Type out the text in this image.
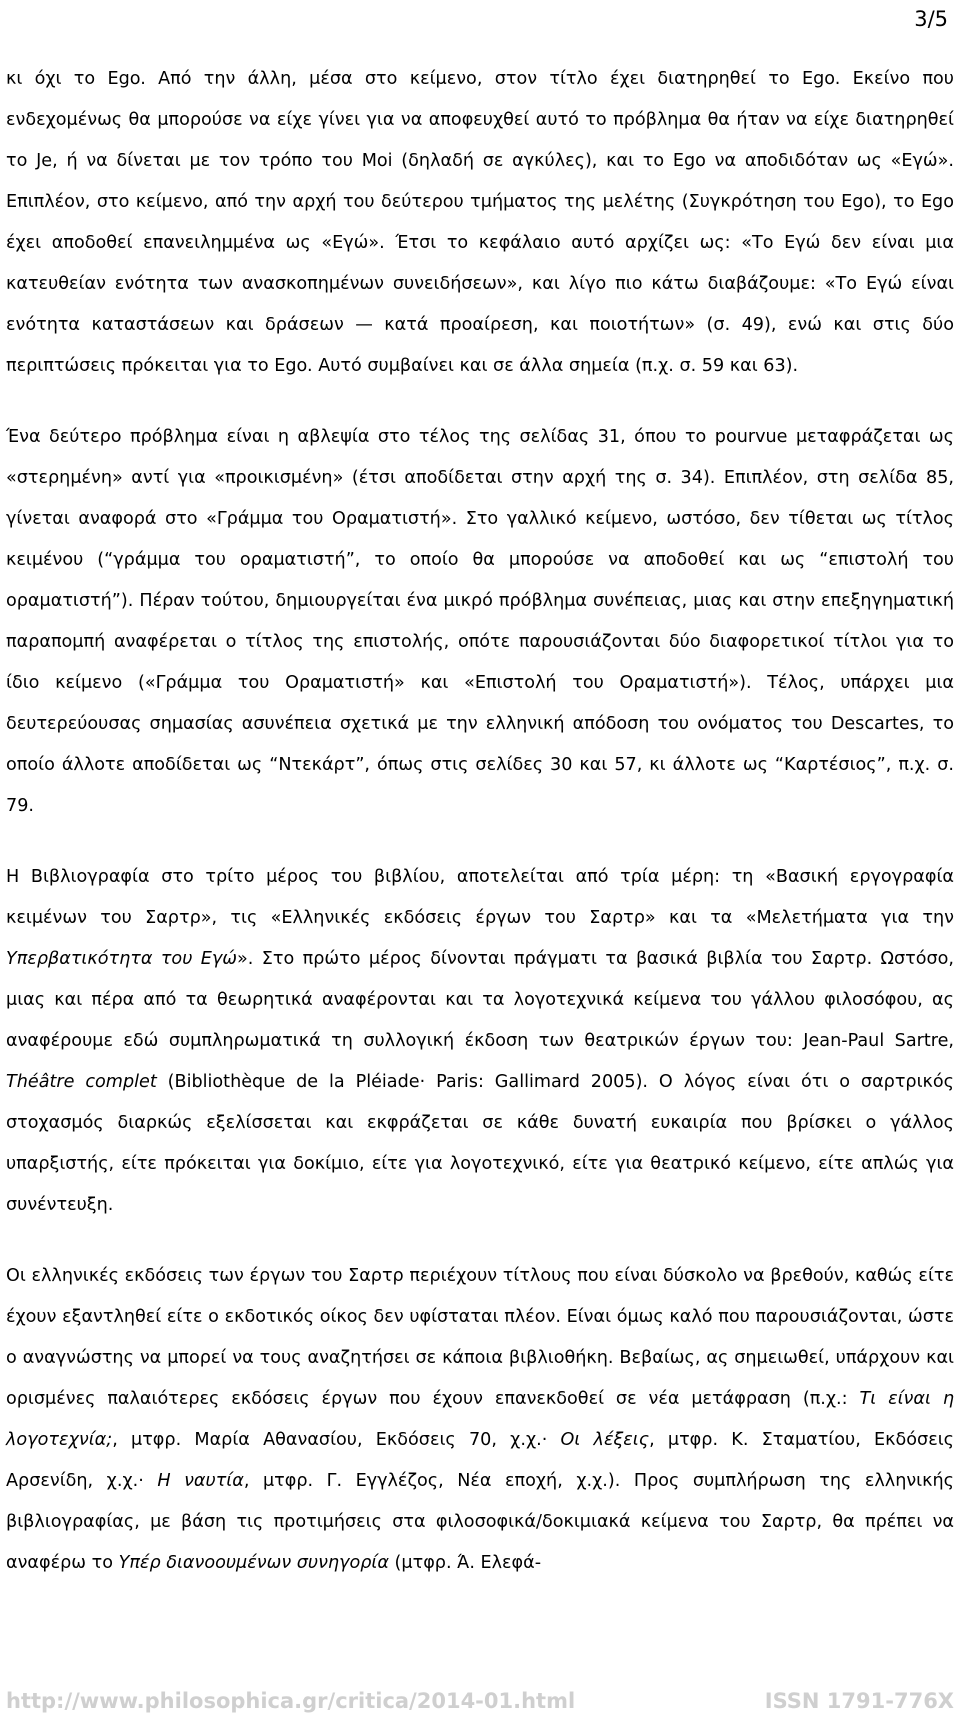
3/5

κι όχι το Ego. Από την άλλη, μέσα στο κείμενο, στον τίτλο έχει διατηρηθεί το Ego. Εκείνο που ενδεχομένως θα μπορούσε να είχε γίνει για να αποφευχθεί αυτό το πρόβλημα θα ήταν να είχε διατηρηθεί το Je, ή να δίνεται με τον τρόπο του Moi (δηλαδή σε αγκύλες), και το Ego να αποδιδόταν ως «Εγώ». Επιπλέον, στο κείμενο, από την αρχή του δεύτερου τμήματος της μελέτης (Συγκρότηση του Ego), το Ego έχει αποδοθεί επανειλημμένα ως «Εγώ». Έτσι το κεφάλαιο αυτό αρχίζει ως: «Το Εγώ δεν είναι μια κατευθείαν ενότητα των ανασκοπημένων συνειδήσεων», και λίγο πιο κάτω διαβάζουμε: «Το Εγώ είναι ενότητα καταστάσεων και δράσεων — κατά προαίρεση, και ποιοτήτων» (σ. 49), ενώ και στις δύο περιπτώσεις πρόκειται για το Ego. Αυτό συμβαίνει και σε άλλα σημεία (π.χ. σ. 59 και 63).

Ένα δεύτερο πρόβλημα είναι η αβλεψία στο τέλος της σελίδας 31, όπου το pourvue μεταφράζεται ως «στερημένη» αντί για «προικισμένη» (έτσι αποδίδεται στην αρχή της σ. 34). Επιπλέον, στη σελίδα 85, γίνεται αναφορά στο «Γράμμα του Οραματιστή». Στο γαλλικό κείμενο, ωστόσο, δεν τίθεται ως τίτλος κειμένου (“γράμμα του οραματιστή”, το οποίο θα μπορούσε να αποδοθεί και ως “επιστολή του οραματιστή”). Πέραν τούτου, δημιουργείται ένα μικρό πρόβλημα συνέπειας, μιας και στην επεξηγηματική παραπομπή αναφέρεται ο τίτλος της επιστολής, οπότε παρουσιάζονται δύο διαφορετικοί τίτλοι για το ίδιο κείμενο («Γράμμα του Οραματιστή» και «Επιστολή του Οραματιστή»). Τέλος, υπάρχει μια δευτερεύουσας σημασίας ασυνέπεια σχετικά με την ελληνική απόδοση του ονόματος του Descartes, το οποίο άλλοτε αποδίδεται ως “Ντεκάρτ”, όπως στις σελίδες 30 και 57, κι άλλοτε ως “Καρτέσιος”, π.χ. σ. 79.

Η Βιβλιογραφία στο τρίτο μέρος του βιβλίου, αποτελείται από τρία μέρη: τη «Βασική εργογραφία κειμένων του Σαρτρ», τις «Ελληνικές εκδόσεις έργων του Σαρτρ» και τα «Μελετήματα για την Υπερβατικότητα του Εγώ». Στο πρώτο μέρος δίνονται πράγματι τα βασικά βιβλία του Σαρτρ. Ωστόσο, μιας και πέρα από τα θεωρητικά αναφέρονται και τα λογοτεχνικά κείμενα του γάλλου φιλοσόφου, ας αναφέρουμε εδώ συμπληρωματικά τη συλλογική έκδοση των θεατρικών έργων του: Jean-Paul Sartre, Théâtre complet (Bibliothèque de la Pléiade· Paris: Gallimard 2005). Ο λόγος είναι ότι ο σαρτρικός στοχασμός διαρκώς εξελίσσεται και εκφράζεται σε κάθε δυνατή ευκαιρία που βρίσκει ο γάλλος υπαρξιστής, είτε πρόκειται για δοκίμιο, είτε για λογοτεχνικό, είτε για θεατρικό κείμενο, είτε απλώς για συνέντευξη.

Οι ελληνικές εκδόσεις των έργων του Σαρτρ περιέχουν τίτλους που είναι δύσκολο να βρεθούν, καθώς είτε έχουν εξαντληθεί είτε ο εκδοτικός οίκος δεν υφίσταται πλέον. Είναι όμως καλό που παρουσιάζονται, ώστε ο αναγνώστης να μπορεί να τους αναζητήσει σε κάποια βιβλιοθήκη. Βεβαίως, ας σημειωθεί, υπάρχουν και ορισμένες παλαιότερες εκδόσεις έργων που έχουν επανεκδοθεί σε νέα μετάφραση (π.χ.: Τι είναι η λογοτεχνία;, μτφρ. Μαρία Αθανασίου, Εκδόσεις 70, χ.χ.· Οι λέξεις, μτφρ. Κ. Σταματίου, Εκδόσεις Αρσενίδη, χ.χ.· Η ναυτία, μτφρ. Γ. Εγγλέζος, Νέα εποχή, χ.χ.). Προς συμπλήρωση της ελληνικής βιβλιογραφίας, με βάση τις προτιμήσεις στα φιλοσοφικά/δοκιμιακά κείμενα του Σαρτρ, θα πρέπει να αναφέρω το Υπέρ διανοουμένων συνηγορία (μτφρ. Ά. Ελεφά-

http://www.philosophica.gr/critica/2014-01.html	ISSN 1791-776X
